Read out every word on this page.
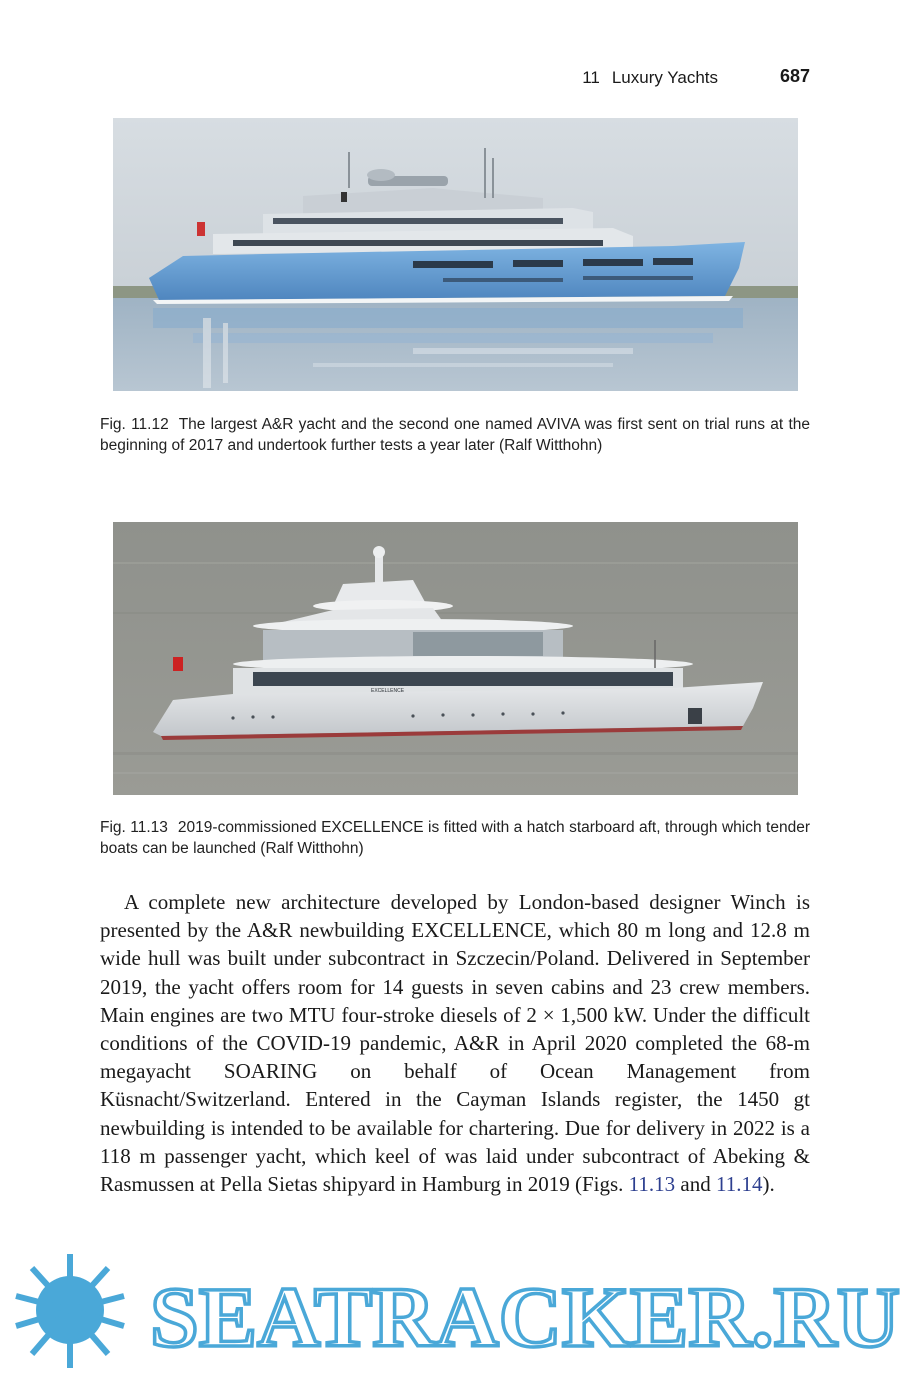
11 Luxury Yachts	687
Fig. 11.12 The largest A&R yacht and the second one named AVIVA was first sent on trial runs at the beginning of 2017 and undertook further tests a year later (Ralf Witthohn)
EXCELLENCE
Fig. 11.13 2019-commissioned EXCELLENCE is fitted with a hatch starboard aft, through which tender boats can be launched (Ralf Witthohn)

A complete new architecture developed by London-based designer Winch is presented by the A&R newbuilding EXCELLENCE, which 80 m long and 12.8 m wide hull was built under subcontract in Szczecin/Poland. Delivered in September 2019, the yacht offers room for 14 guests in seven cabins and 23 crew members. Main engines are two MTU four-stroke diesels of 2 × 1,500 kW. Under the difficult conditions of the COVID-19 pandemic, A&R in April 2020 completed the 68-m megayacht SOARING on behalf of Ocean Management from Küsnacht/Switzerland. Entered in the Cayman Islands register, the 1450 gt newbuilding is intended to be available for chartering. Due for delivery in 2022 is a 118 m passenger yacht, which keel of was laid under subcontract of Abeking & Rasmussen at Pella Sietas shipyard in Hamburg in 2019 (Figs. 11.13 and 11.14).

SEATRACKER.RU
